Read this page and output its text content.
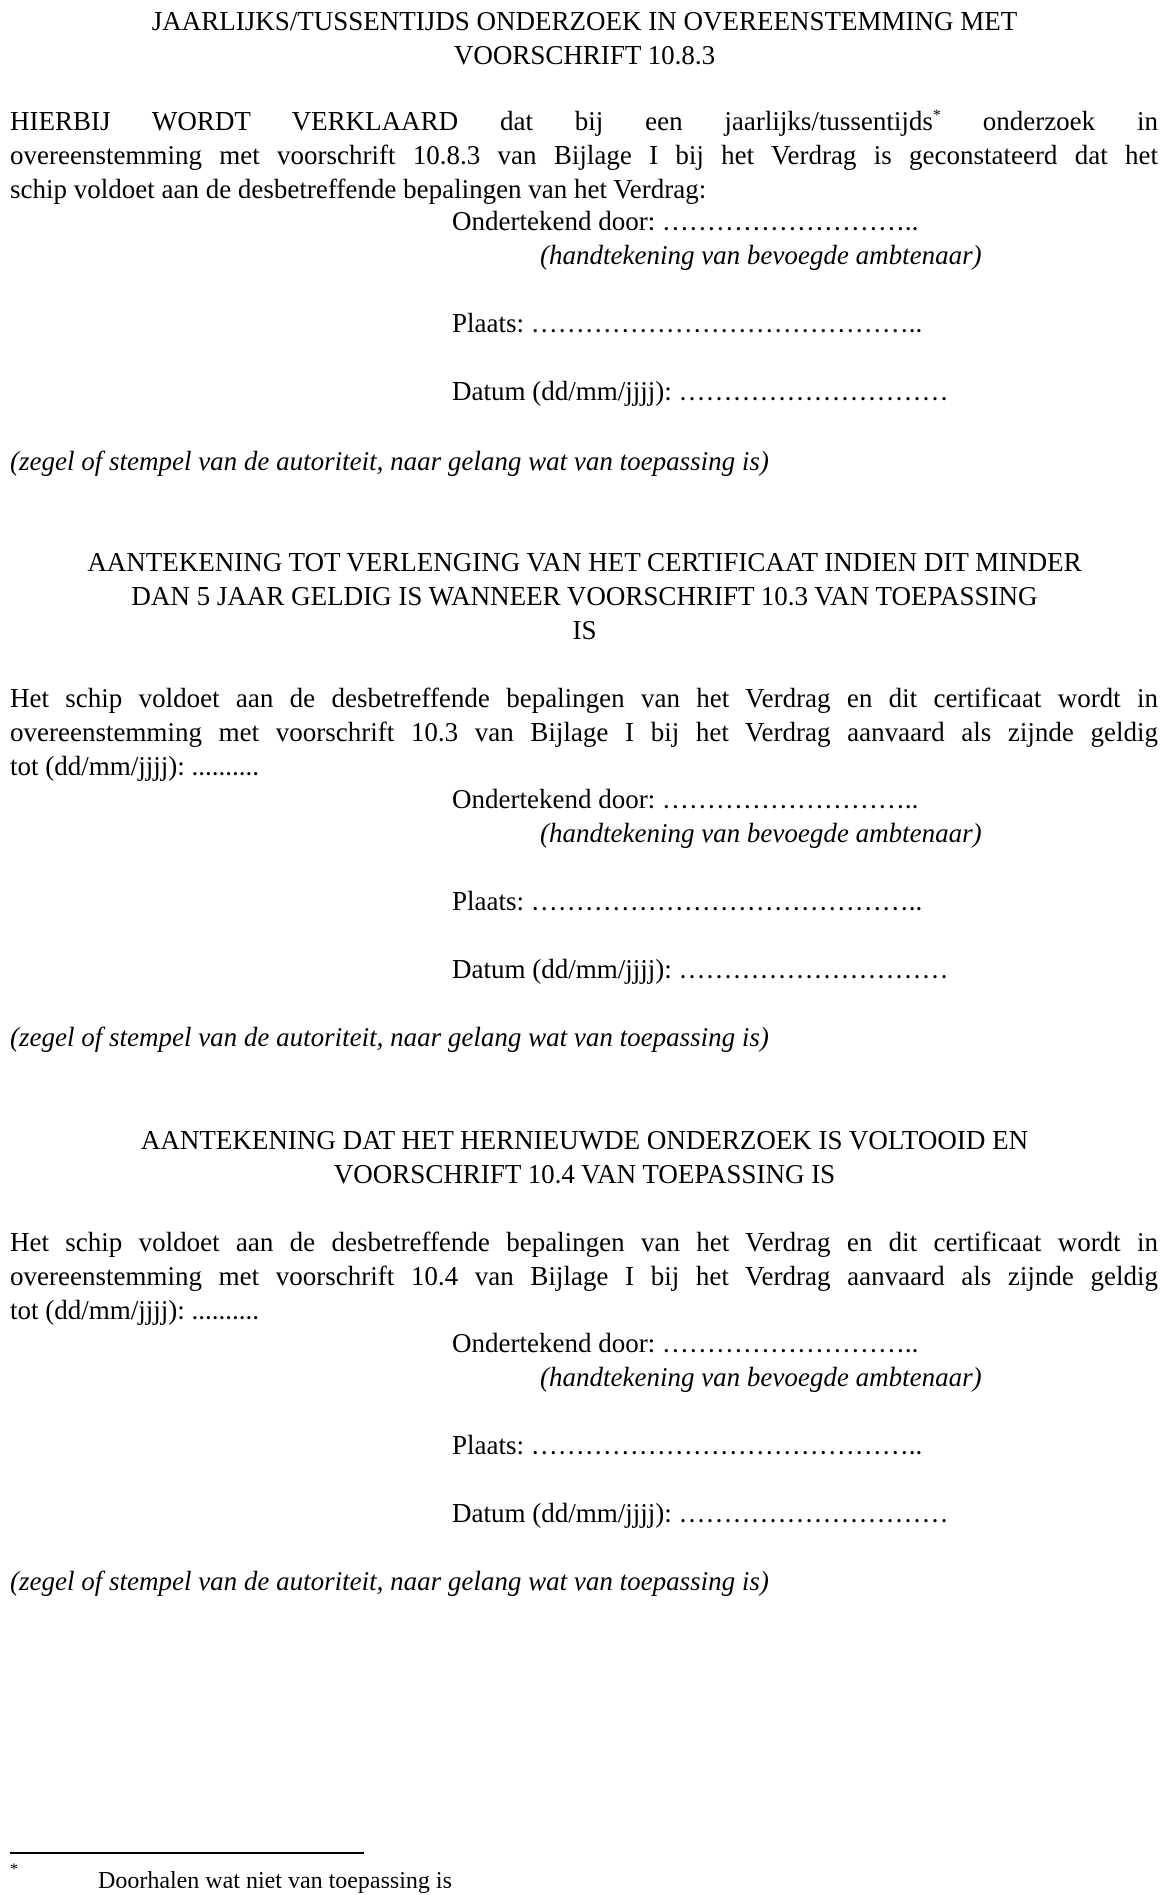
JAARLIJKS/TUSSENTIJDS ONDERZOEK IN OVEREENSTEMMING MET
VOORSCHRIFT 10.8.3
HIERBIJ WORDT VERKLAARD dat bij een jaarlijks/tussentijds* onderzoek in
overeenstemming met voorschrift 10.8.3 van Bijlage I bij het Verdrag is geconstateerd dat het
schip voldoet aan de desbetreffende bepalingen van het Verdrag:
Ondertekend door: ………………………..
(handtekening van bevoegde ambtenaar)
Plaats: ……………………………………..
Datum (dd/mm/jjjj): …………………………
(zegel of stempel van de autoriteit, naar gelang wat van toepassing is)
AANTEKENING TOT VERLENGING VAN HET CERTIFICAAT INDIEN DIT MINDER
DAN 5 JAAR GELDIG IS WANNEER VOORSCHRIFT 10.3 VAN TOEPASSING
IS
Het schip voldoet aan de desbetreffende bepalingen van het Verdrag en dit certificaat wordt in
overeenstemming met voorschrift 10.3 van Bijlage I bij het Verdrag aanvaard als zijnde geldig
tot (dd/mm/jjjj): ..........
Ondertekend door: ………………………..
(handtekening van bevoegde ambtenaar)
Plaats: ……………………………………..
Datum (dd/mm/jjjj): …………………………
(zegel of stempel van de autoriteit, naar gelang wat van toepassing is)
AANTEKENING DAT HET HERNIEUWDE ONDERZOEK IS VOLTOOID EN
VOORSCHRIFT 10.4 VAN TOEPASSING IS
Het schip voldoet aan de desbetreffende bepalingen van het Verdrag en dit certificaat wordt in
overeenstemming met voorschrift 10.4 van Bijlage I bij het Verdrag aanvaard als zijnde geldig
tot (dd/mm/jjjj): ..........
Ondertekend door: ………………………..
(handtekening van bevoegde ambtenaar)
Plaats: ……………………………………..
Datum (dd/mm/jjjj): …………………………
(zegel of stempel van de autoriteit, naar gelang wat van toepassing is)
*	Doorhalen wat niet van toepassing is
